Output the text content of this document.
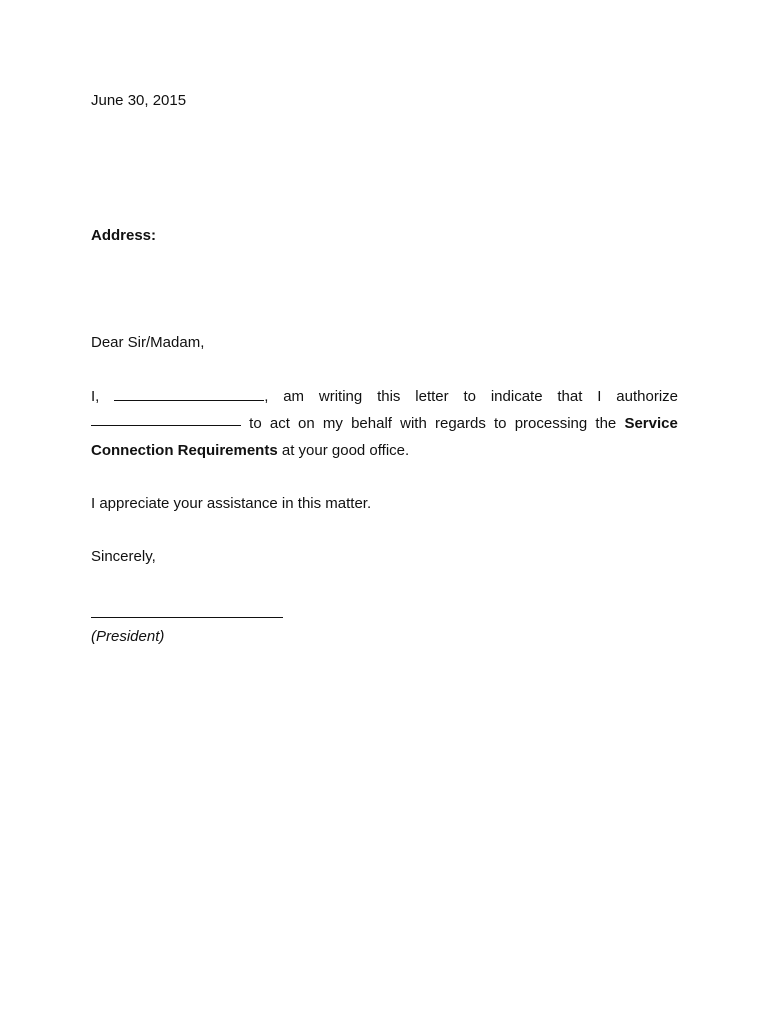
June 30, 2015
Address:
Dear Sir/Madam,
I,	, am writing this letter to indicate that I authorize
to act on my behalf with regards to processing the Service
Connection Requirements at your good office.
I appreciate your assistance in this matter.
Sincerely,
(President)
